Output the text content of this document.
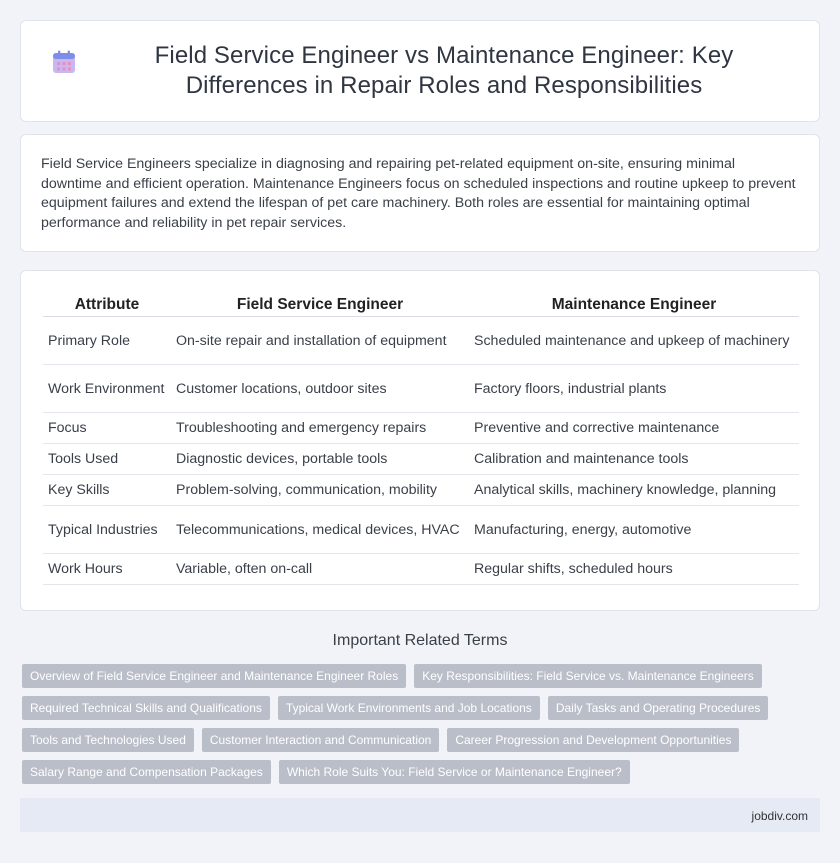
Field Service Engineer vs Maintenance Engineer: Key Differences in Repair Roles and Responsibilities

Field Service Engineers specialize in diagnosing and repairing pet-related equipment on-site, ensuring minimal downtime and efficient operation. Maintenance Engineers focus on scheduled inspections and routine upkeep to prevent equipment failures and extend the lifespan of pet care machinery. Both roles are essential for maintaining optimal performance and reliability in pet repair services.

Attribute	Field Service Engineer	Maintenance Engineer
Primary Role	On-site repair and installation of equipment	Scheduled maintenance and upkeep of machinery
Work Environment	Customer locations, outdoor sites	Factory floors, industrial plants
Focus	Troubleshooting and emergency repairs	Preventive and corrective maintenance
Tools Used	Diagnostic devices, portable tools	Calibration and maintenance tools
Key Skills	Problem-solving, communication, mobility	Analytical skills, machinery knowledge, planning
Typical Industries	Telecommunications, medical devices, HVAC	Manufacturing, energy, automotive
Work Hours	Variable, often on-call	Regular shifts, scheduled hours
Important Related Terms
Overview of Field Service Engineer and Maintenance Engineer Roles	Key Responsibilities: Field Service vs. Maintenance Engineers
Required Technical Skills and Qualifications	Typical Work Environments and Job Locations	Daily Tasks and Operating Procedures
Tools and Technologies Used	Customer Interaction and Communication	Career Progression and Development Opportunities
Salary Range and Compensation Packages	Which Role Suits You: Field Service or Maintenance Engineer?
jobdiv.com
